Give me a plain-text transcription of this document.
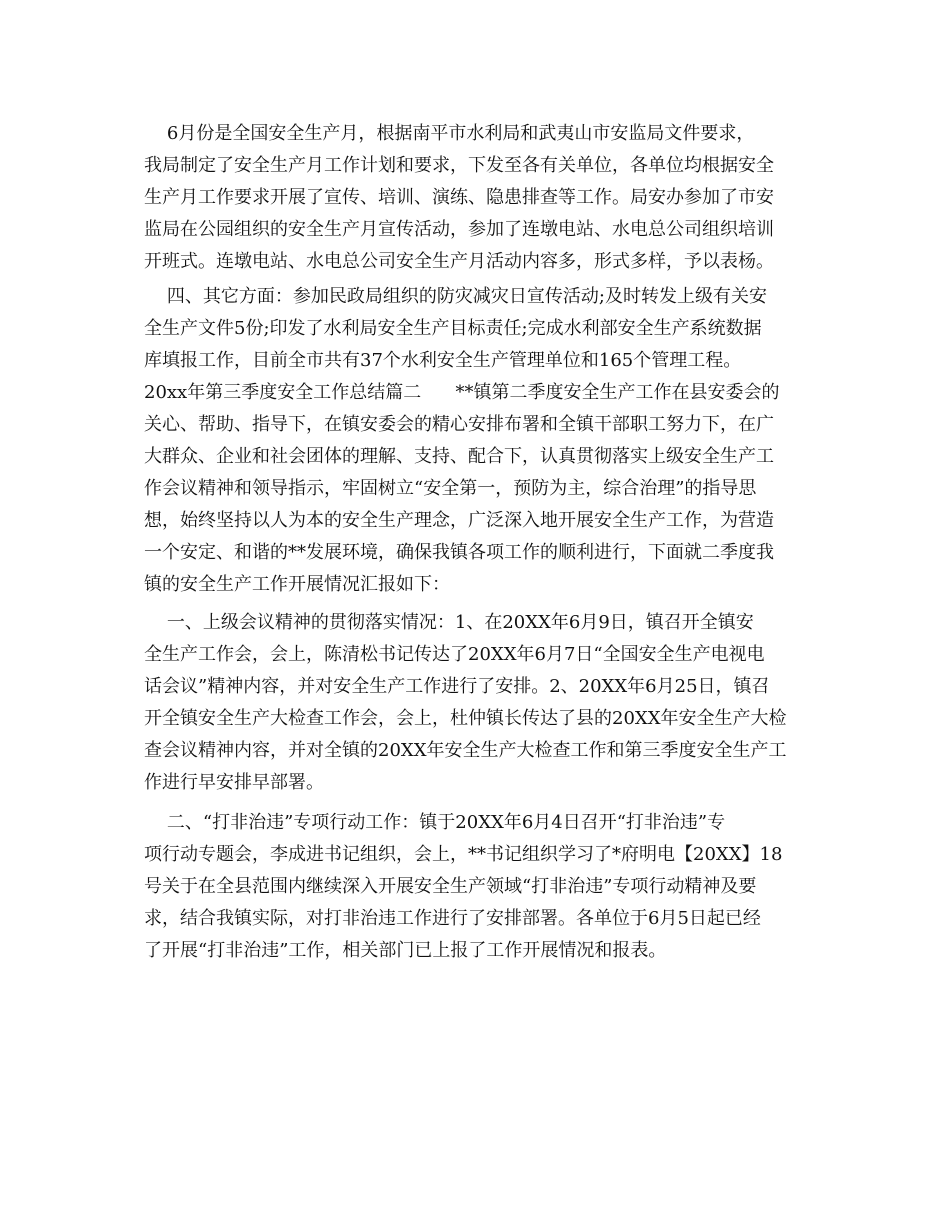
6月份是全国安全生产月，根据南平市水利局和武夷山市安监局文件要求，
我局制定了安全生产月工作计划和要求，下发至各有关单位，各单位均根据安全
生产月工作要求开展了宣传、培训、演练、隐患排查等工作。局安办参加了市安
监局在公园组织的安全生产月宣传活动，参加了连墩电站、水电总公司组织培训
开班式。连墩电站、水电总公司安全生产月活动内容多，形式多样，予以表杨。
四、其它方面：参加民政局组织的防灾减灾日宣传活动;及时转发上级有关安
全生产文件5份;印发了水利局安全生产目标责任;完成水利部安全生产系统数据
库填报工作，目前全市共有37个水利安全生产管理单位和165个管理工程。
20xx年第三季度安全工作总结篇二      **镇第二季度安全生产工作在县安委会的
关心、帮助、指导下，在镇安委会的精心安排布署和全镇干部职工努力下，在广
大群众、企业和社会团体的理解、支持、配合下，认真贯彻落实上级安全生产工
作会议精神和领导指示，牢固树立“安全第一，预防为主，综合治理”的指导思
想，始终坚持以人为本的安全生产理念，广泛深入地开展安全生产工作，为营造
一个安定、和谐的**发展环境，确保我镇各项工作的顺利进行，下面就二季度我
镇的安全生产工作开展情况汇报如下：
一、上级会议精神的贯彻落实情况：1、在20XX年6月9日，镇召开全镇安
全生产工作会，会上，陈清松书记传达了20XX年6月7日“全国安全生产电视电
话会议”精神内容，并对安全生产工作进行了安排。2、20XX年6月25日，镇召
开全镇安全生产大检查工作会，会上，杜仲镇长传达了县的20XX年安全生产大检
查会议精神内容，并对全镇的20XX年安全生产大检查工作和第三季度安全生产工
作进行早安排早部署。
二、“打非治违”专项行动工作：镇于20XX年6月4日召开“打非治违”专
项行动专题会，李成进书记组织，会上，**书记组织学习了*府明电【20XX】18
号关于在全县范围内继续深入开展安全生产领域“打非治违”专项行动精神及要
求，结合我镇实际，对打非治违工作进行了安排部署。各单位于6月5日起已经
了开展“打非治违”工作，相关部门已上报了工作开展情况和报表。
